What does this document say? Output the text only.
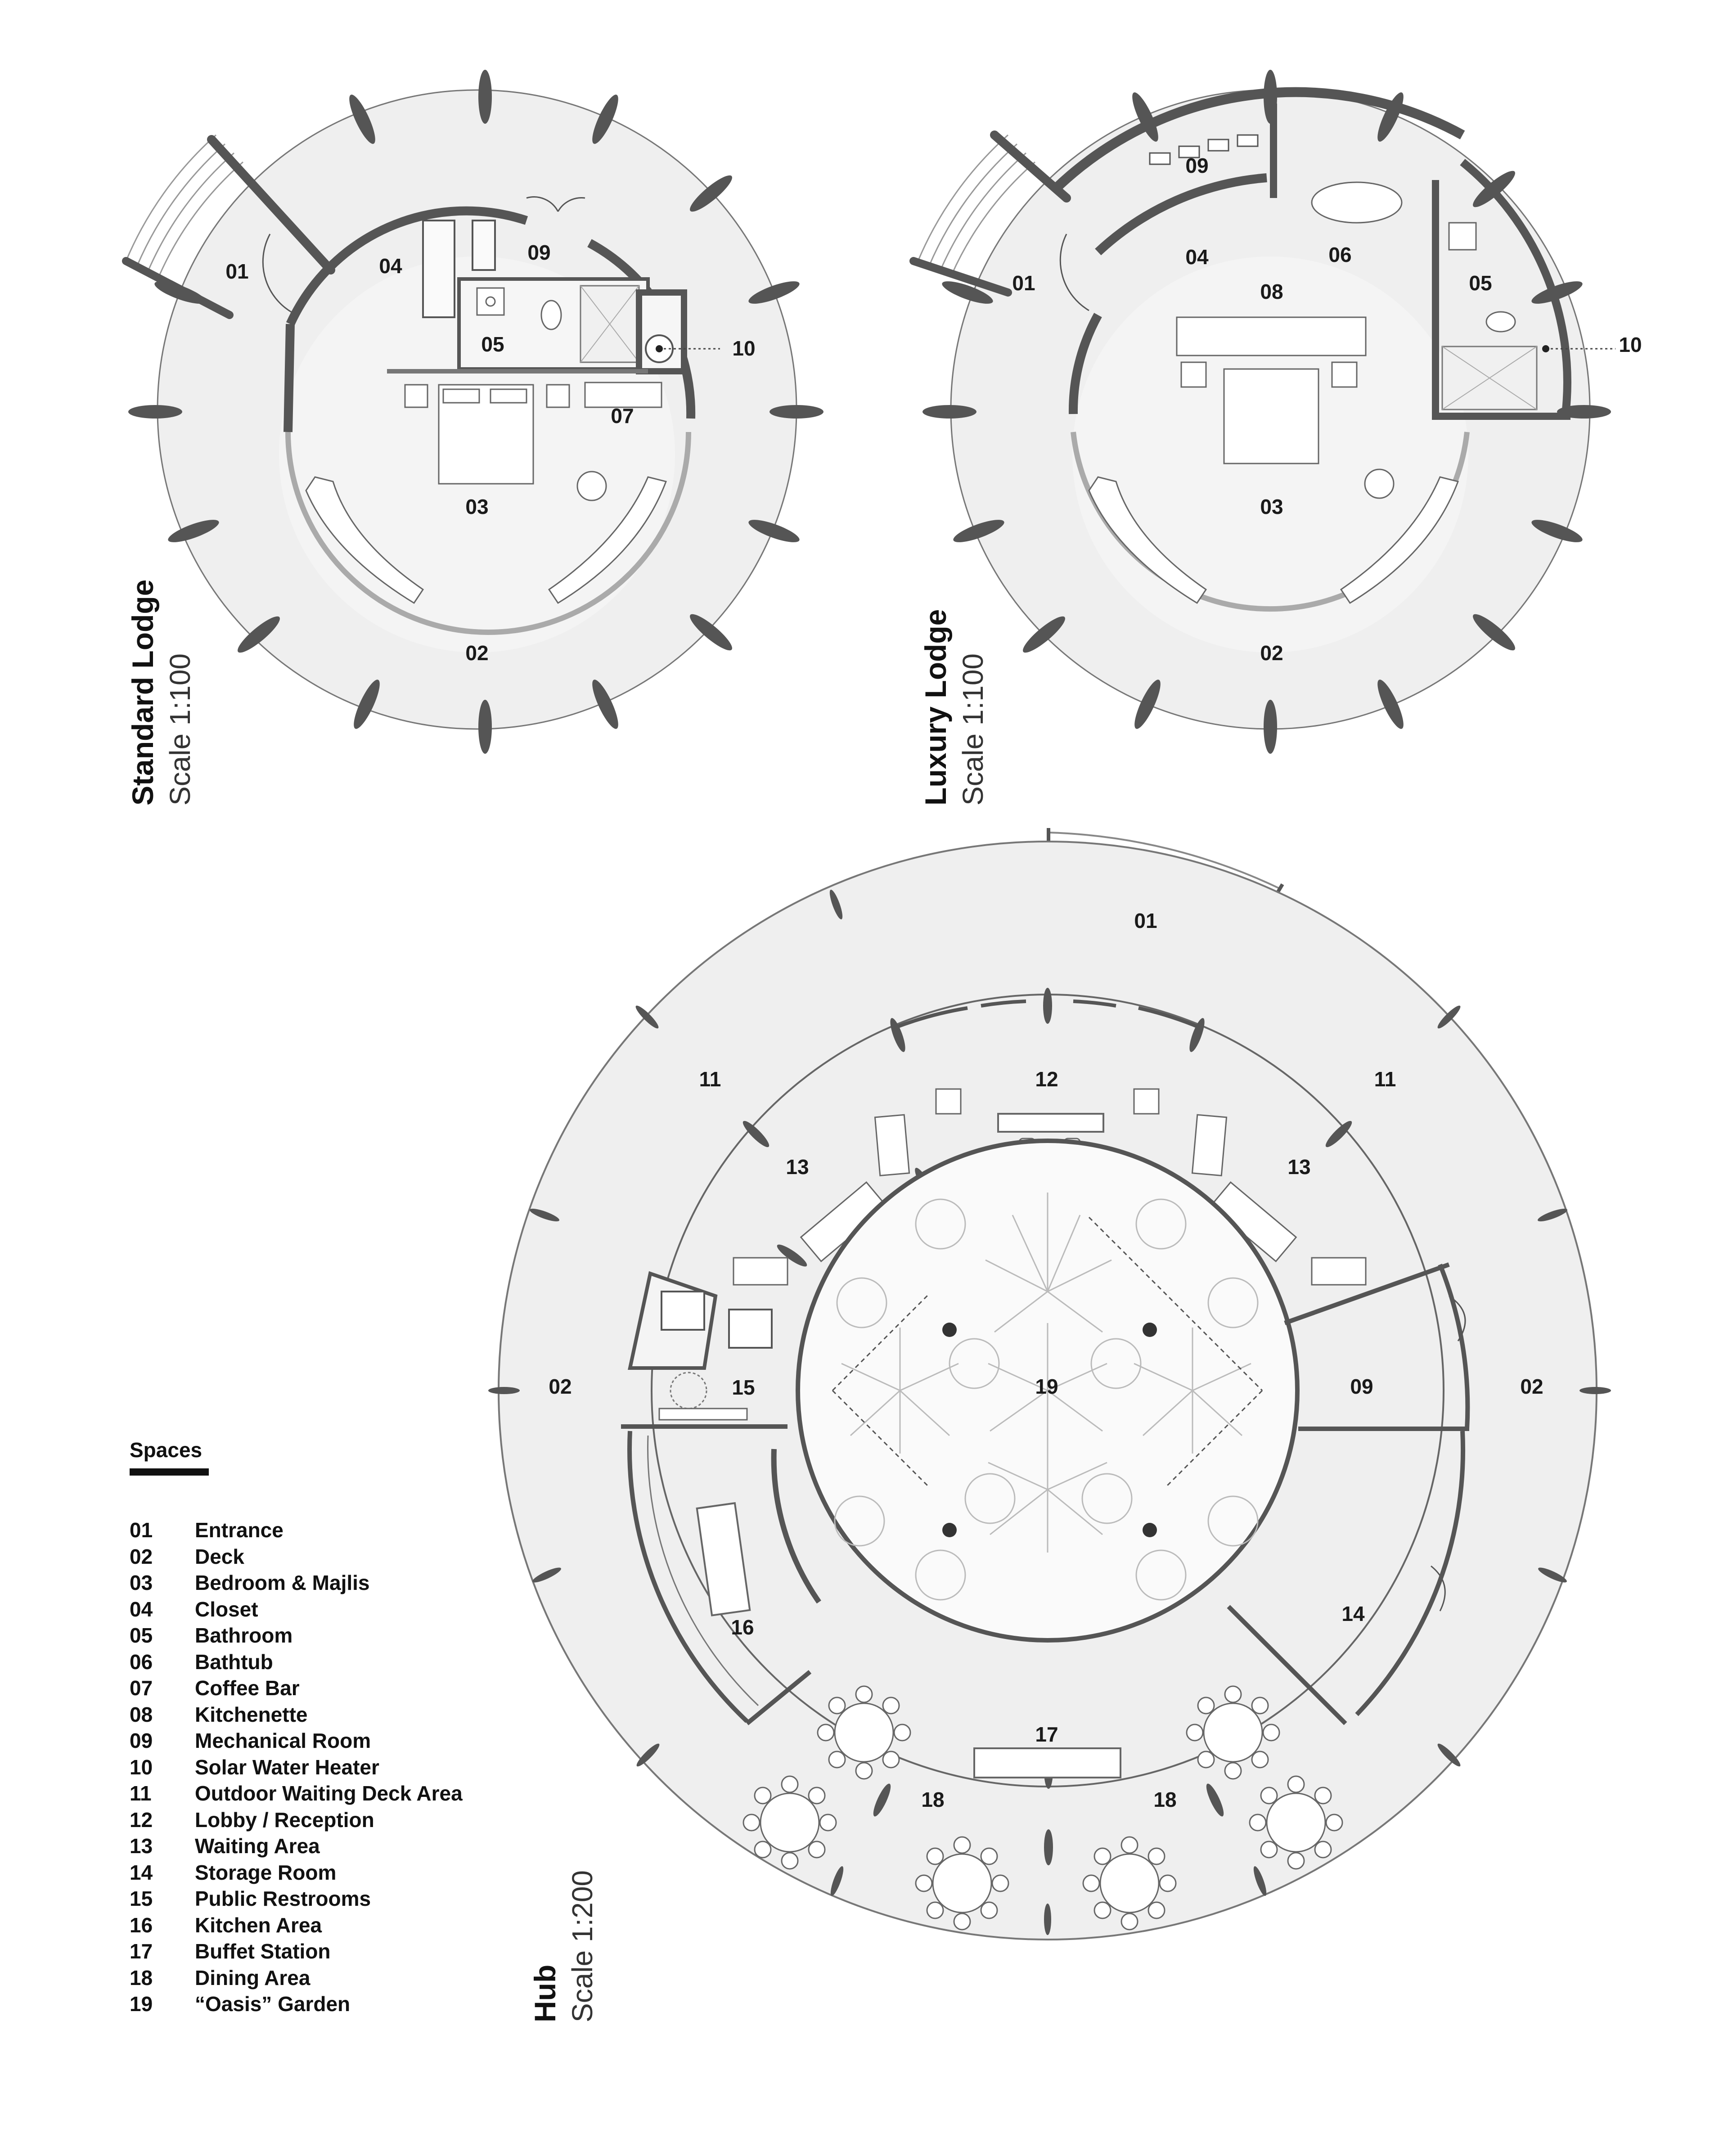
01	04
09
05	10
07
03
02
09
01
04	06
08	05
10
03
02
01
11	12	11
13	13
02	15	19	09	02
14
16
17
18	18
Standard Lodge Scale 1:100	Luxury Lodge Scale 1:100
Hub Scale 1:200
Spaces
01	Entrance
02	Deck
03	Bedroom & Majlis
04	Closet
05	Bathroom
06	Bathtub
07	Coffee Bar
08	Kitchenette
09	Mechanical Room
10	Solar Water Heater
11	Outdoor Waiting Deck Area
12	Lobby / Reception
13	Waiting Area
14	Storage Room
15	Public Restrooms
16	Kitchen Area
17	Buffet Station
18	Dining Area
19	“Oasis” Garden
